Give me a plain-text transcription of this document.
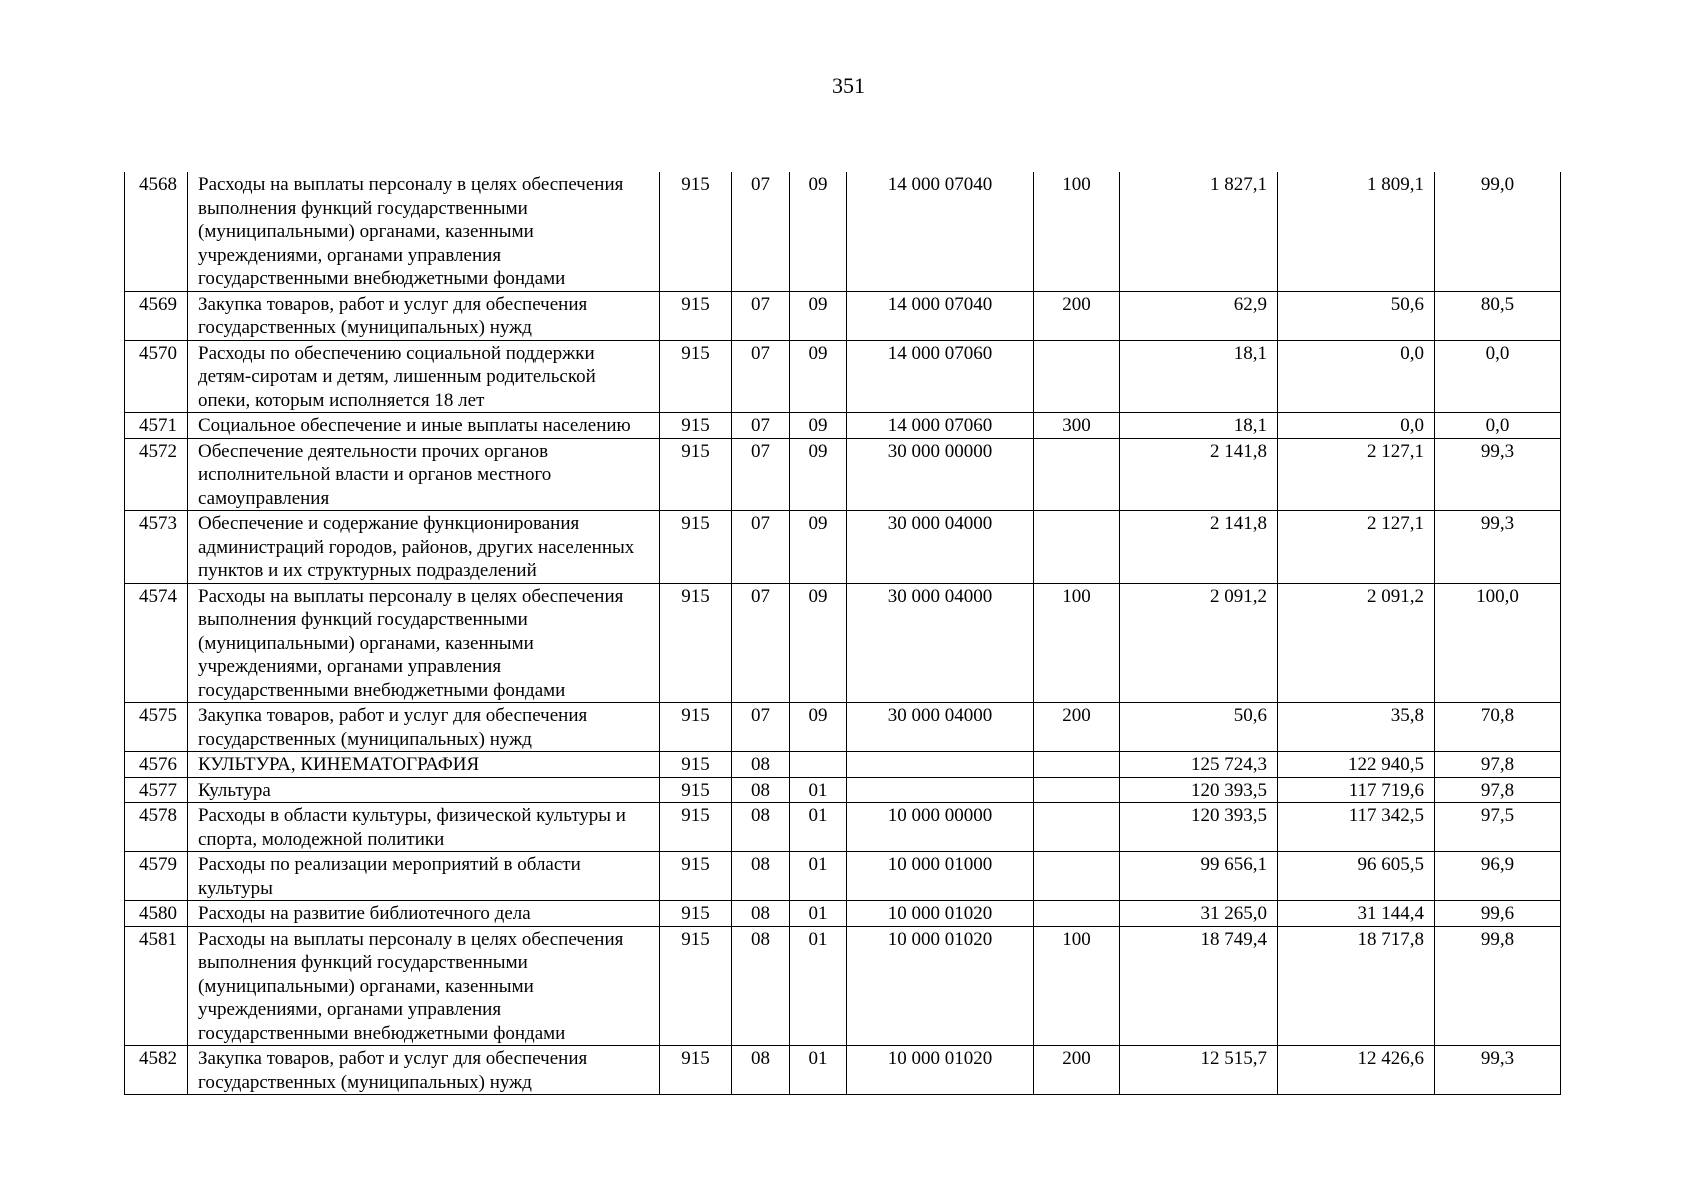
351
4568	Расходы на выплаты персоналу в целях обеспечения выполнения функций государственными (муниципальными) органами, казенными учреждениями, органами управления государственными внебюджетными фондами	915	07	09	14 000 07040	100	1 827,1	1 809,1	99,0
4569	Закупка товаров, работ и услуг для обеспечения государственных (муниципальных) нужд	915	07	09	14 000 07040	200	62,9	50,6	80,5
4570	Расходы по обеспечению социальной поддержки детям-сиротам и детям, лишенным родительской опеки, которым исполняется 18 лет	915	07	09	14 000 07060		18,1	0,0	0,0
4571	Социальное обеспечение и иные выплаты населению	915	07	09	14 000 07060	300	18,1	0,0	0,0
4572	Обеспечение деятельности прочих органов исполнительной власти и органов местного самоуправления	915	07	09	30 000 00000		2 141,8	2 127,1	99,3
4573	Обеспечение и содержание функционирования администраций городов, районов, других населенных пунктов и их структурных подразделений	915	07	09	30 000 04000		2 141,8	2 127,1	99,3
4574	Расходы на выплаты персоналу в целях обеспечения выполнения функций государственными (муниципальными) органами, казенными учреждениями, органами управления государственными внебюджетными фондами	915	07	09	30 000 04000	100	2 091,2	2 091,2	100,0
4575	Закупка товаров, работ и услуг для обеспечения государственных (муниципальных) нужд	915	07	09	30 000 04000	200	50,6	35,8	70,8
4576	КУЛЬТУРА, КИНЕМАТОГРАФИЯ	915	08				125 724,3	122 940,5	97,8
4577	Культура	915	08	01			120 393,5	117 719,6	97,8
4578	Расходы в области культуры, физической культуры и спорта, молодежной политики	915	08	01	10 000 00000		120 393,5	117 342,5	97,5
4579	Расходы по реализации мероприятий в области культуры	915	08	01	10 000 01000		99 656,1	96 605,5	96,9
4580	Расходы на развитие библиотечного дела	915	08	01	10 000 01020		31 265,0	31 144,4	99,6
4581	Расходы на выплаты персоналу в целях обеспечения выполнения функций государственными (муниципальными) органами, казенными учреждениями, органами управления государственными внебюджетными фондами	915	08	01	10 000 01020	100	18 749,4	18 717,8	99,8
4582	Закупка товаров, работ и услуг для обеспечения государственных (муниципальных) нужд	915	08	01	10 000 01020	200	12 515,7	12 426,6	99,3
